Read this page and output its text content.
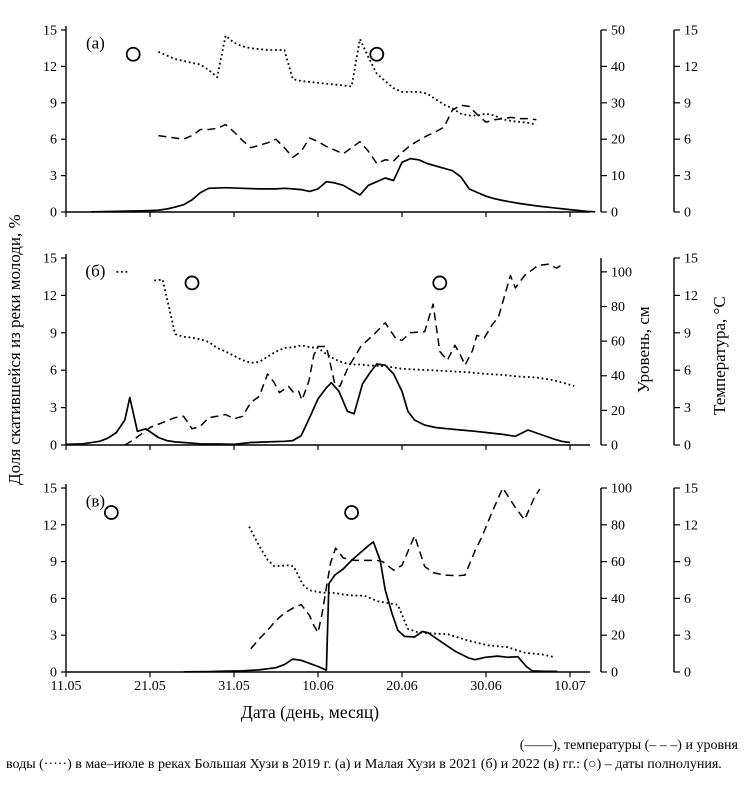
0
3
6
9
12
15
0
10
20
30
40
50
0
3
6
9
12
15
(а)
0
3
6
9
12
15
0
20
40
60
80
100
0
3
6
9
12
15
(б)
0
3
6
9
12
15
11.05	21.05	31.05	10.06	20.06	30.06	10.07
0
20
40
60
80
100
0
3
6
9
12
15
(в)
Доля скатившейся из реки молоди, %	Уровень, см	Температура, °C
Дата (день, месяц)
(——), температуры (– – –) и уровня
воды (·····) в мае–июле в реках Большая Хузи в 2019 г. (а) и Малая Хузи в 2021 (б) и 2022 (в) гг.: (○) – даты полнолуния.
